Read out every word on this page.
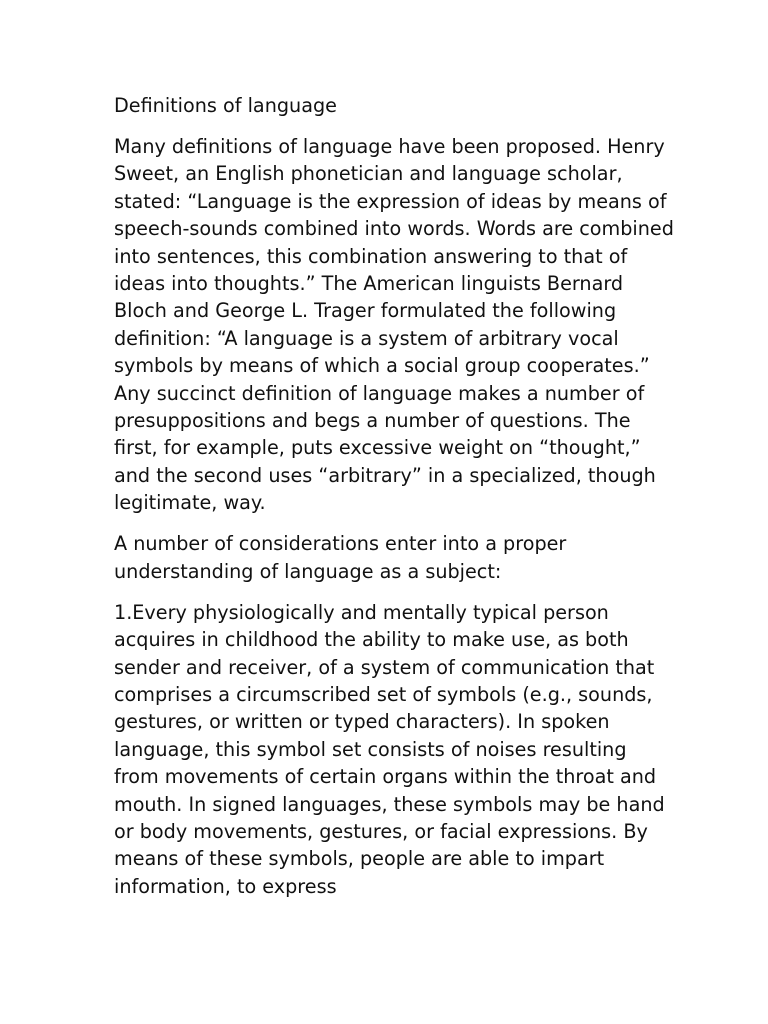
Definitions of language

Many definitions of language have been proposed. Henry Sweet, an English phonetician and language scholar, stated: “Language is the expression of ideas by means of speech-sounds combined into words. Words are combined into sentences, this combination answering to that of ideas into thoughts.” The American linguists Bernard Bloch and George L. Trager formulated the following definition: “A language is a system of arbitrary vocal symbols by means of which a social group cooperates.” Any succinct definition of language makes a number of presuppositions and begs a number of questions. The first, for example, puts excessive weight on “thought,” and the second uses “arbitrary” in a specialized, though legitimate, way.

A number of considerations enter into a proper understanding of language as a subject:

1.Every physiologically and mentally typical person acquires in childhood the ability to make use, as both sender and receiver, of a system of communication that comprises a circumscribed set of symbols (e.g., sounds, gestures, or written or typed characters). In spoken language, this symbol set consists of noises resulting from movements of certain organs within the throat and mouth. In signed languages, these symbols may be hand or body movements, gestures, or facial expressions. By means of these symbols, people are able to impart information, to express
